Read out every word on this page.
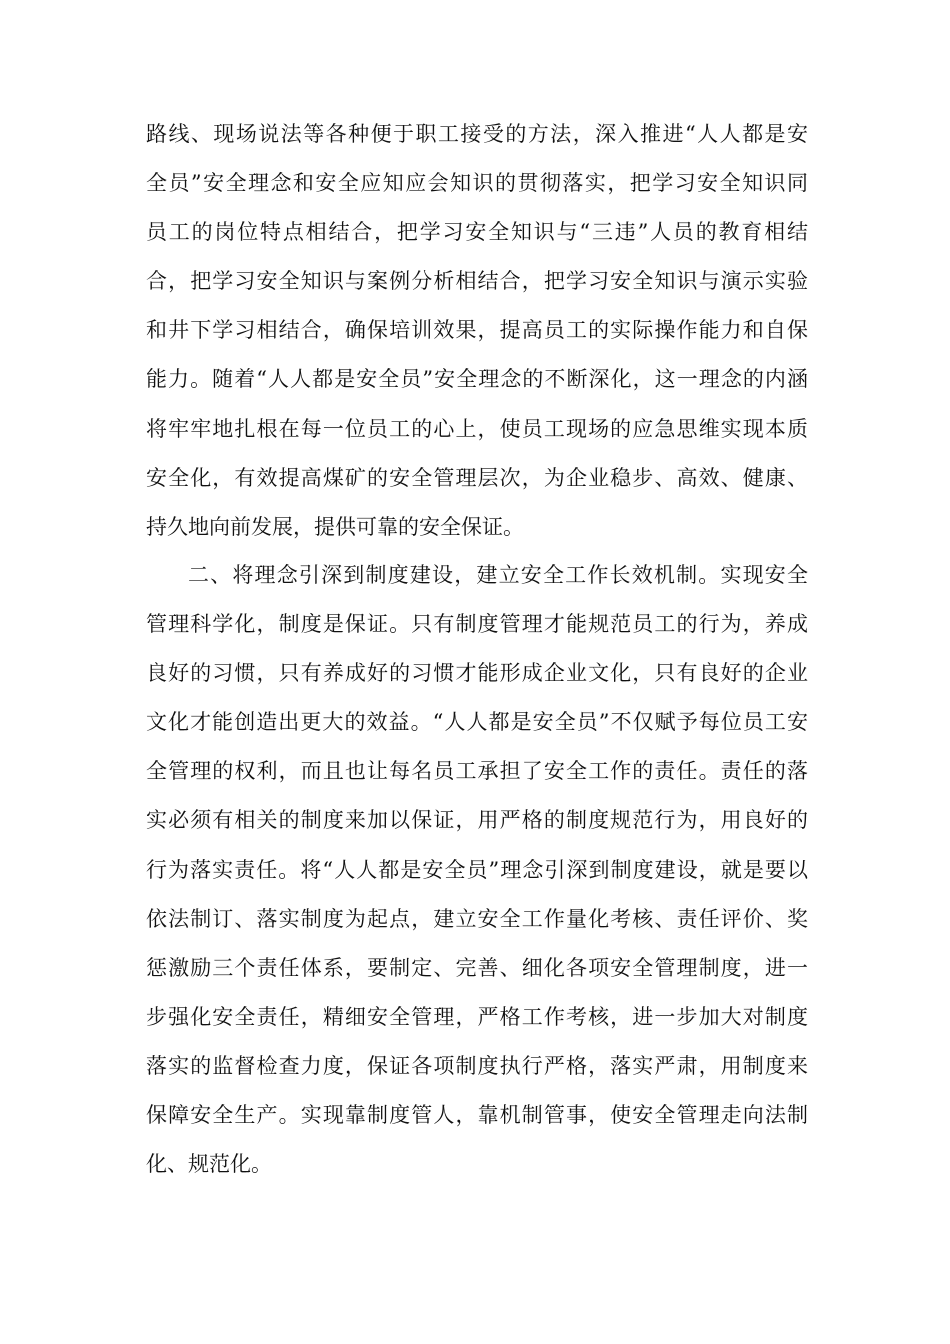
路线、现场说法等各种便于职工接受的方法，深入推进“人人都是安
全员”安全理念和安全应知应会知识的贯彻落实，把学习安全知识同
员工的岗位特点相结合，把学习安全知识与“三违”人员的教育相结
合，把学习安全知识与案例分析相结合，把学习安全知识与演示实验
和井下学习相结合，确保培训效果，提高员工的实际操作能力和自保
能力。随着“人人都是安全员”安全理念的不断深化，这一理念的内涵
将牢牢地扎根在每一位员工的心上，使员工现场的应急思维实现本质
安全化，有效提高煤矿的安全管理层次，为企业稳步、高效、健康、
持久地向前发展，提供可靠的安全保证。
二、将理念引深到制度建设，建立安全工作长效机制。实现安全
管理科学化，制度是保证。只有制度管理才能规范员工的行为，养成
良好的习惯，只有养成好的习惯才能形成企业文化，只有良好的企业
文化才能创造出更大的效益。“人人都是安全员”不仅赋予每位员工安
全管理的权利，而且也让每名员工承担了安全工作的责任。责任的落
实必须有相关的制度来加以保证，用严格的制度规范行为，用良好的
行为落实责任。将“人人都是安全员”理念引深到制度建设，就是要以
依法制订、落实制度为起点，建立安全工作量化考核、责任评价、奖
惩激励三个责任体系，要制定、完善、细化各项安全管理制度，进一
步强化安全责任，精细安全管理，严格工作考核，进一步加大对制度
落实的监督检查力度，保证各项制度执行严格，落实严肃，用制度来
保障安全生产。实现靠制度管人，靠机制管事，使安全管理走向法制
化、规范化。
